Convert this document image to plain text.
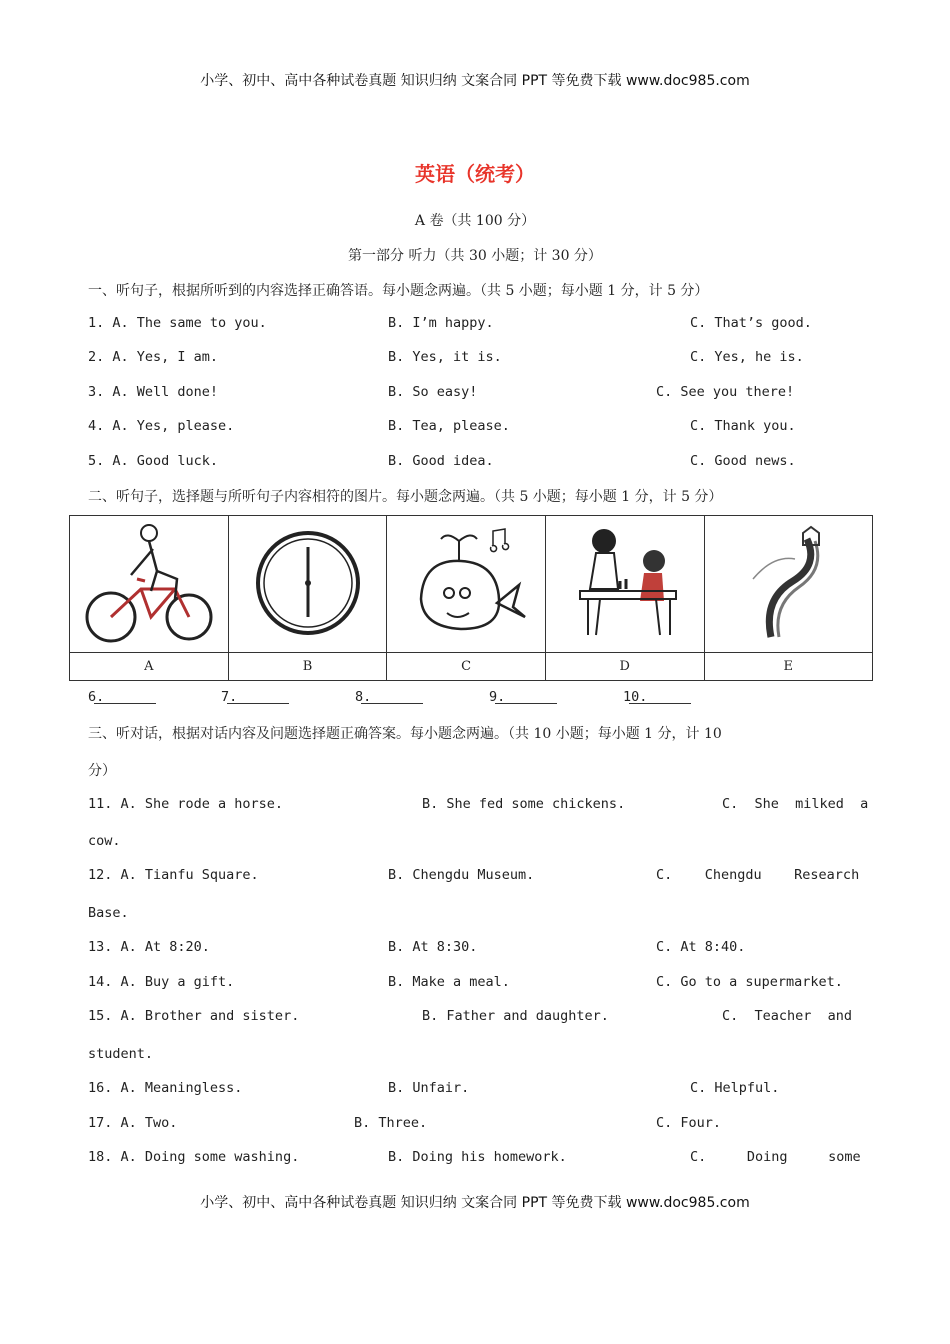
小学、初中、高中各种试卷真题 知识归纳 文案合同 PPT 等免费下载 www.doc985.com
英语（统考）
A 卷（共 100 分）
第一部分 听力（共 30 小题；计 30 分）
一、听句子，根据所听到的内容选择正确答语。每小题念两遍。（共 5 小题；每小题 1 分，计 5 分）
1. A. The same to you.	B. I’m happy.	C. That’s good.
2. A. Yes, I am.	B. Yes, it is.	C. Yes, he is.
3. A. Well done!	B. So easy!	C. See you there!
4. A. Yes, please.	B. Tea, please.	C. Thank you.
5. A. Good luck.	B. Good idea.	C. Good news.
二、听句子，选择题与所听句子内容相符的图片。每小题念两遍。（共 5 小题；每小题 1 分，计 5 分）

A	B	C	D	E
6.	7.	8.	9.	10.
三、听对话，根据对话内容及问题选择题正确答案。每小题念两遍。（共 10 小题；每小题 1 分，计 10
分）
11. A. She rode a horse.	B. She fed some chickens.	C.  She  milked  a
cow.
12. A. Tianfu Square.	B. Chengdu Museum.	C.    Chengdu    Research
Base.
13. A. At 8:20.	B. At 8:30.	C. At 8:40.
14. A. Buy a gift.	B. Make a meal.	C. Go to a supermarket.
15. A. Brother and sister.	B. Father and daughter.	C.  Teacher  and
student.
16. A. Meaningless.	B. Unfair.	C. Helpful.
17. A. Two.	B. Three.	C. Four.
18. A. Doing some washing.	B. Doing his homework.	C.     Doing     some
小学、初中、高中各种试卷真题 知识归纳 文案合同 PPT 等免费下载 www.doc985.com
